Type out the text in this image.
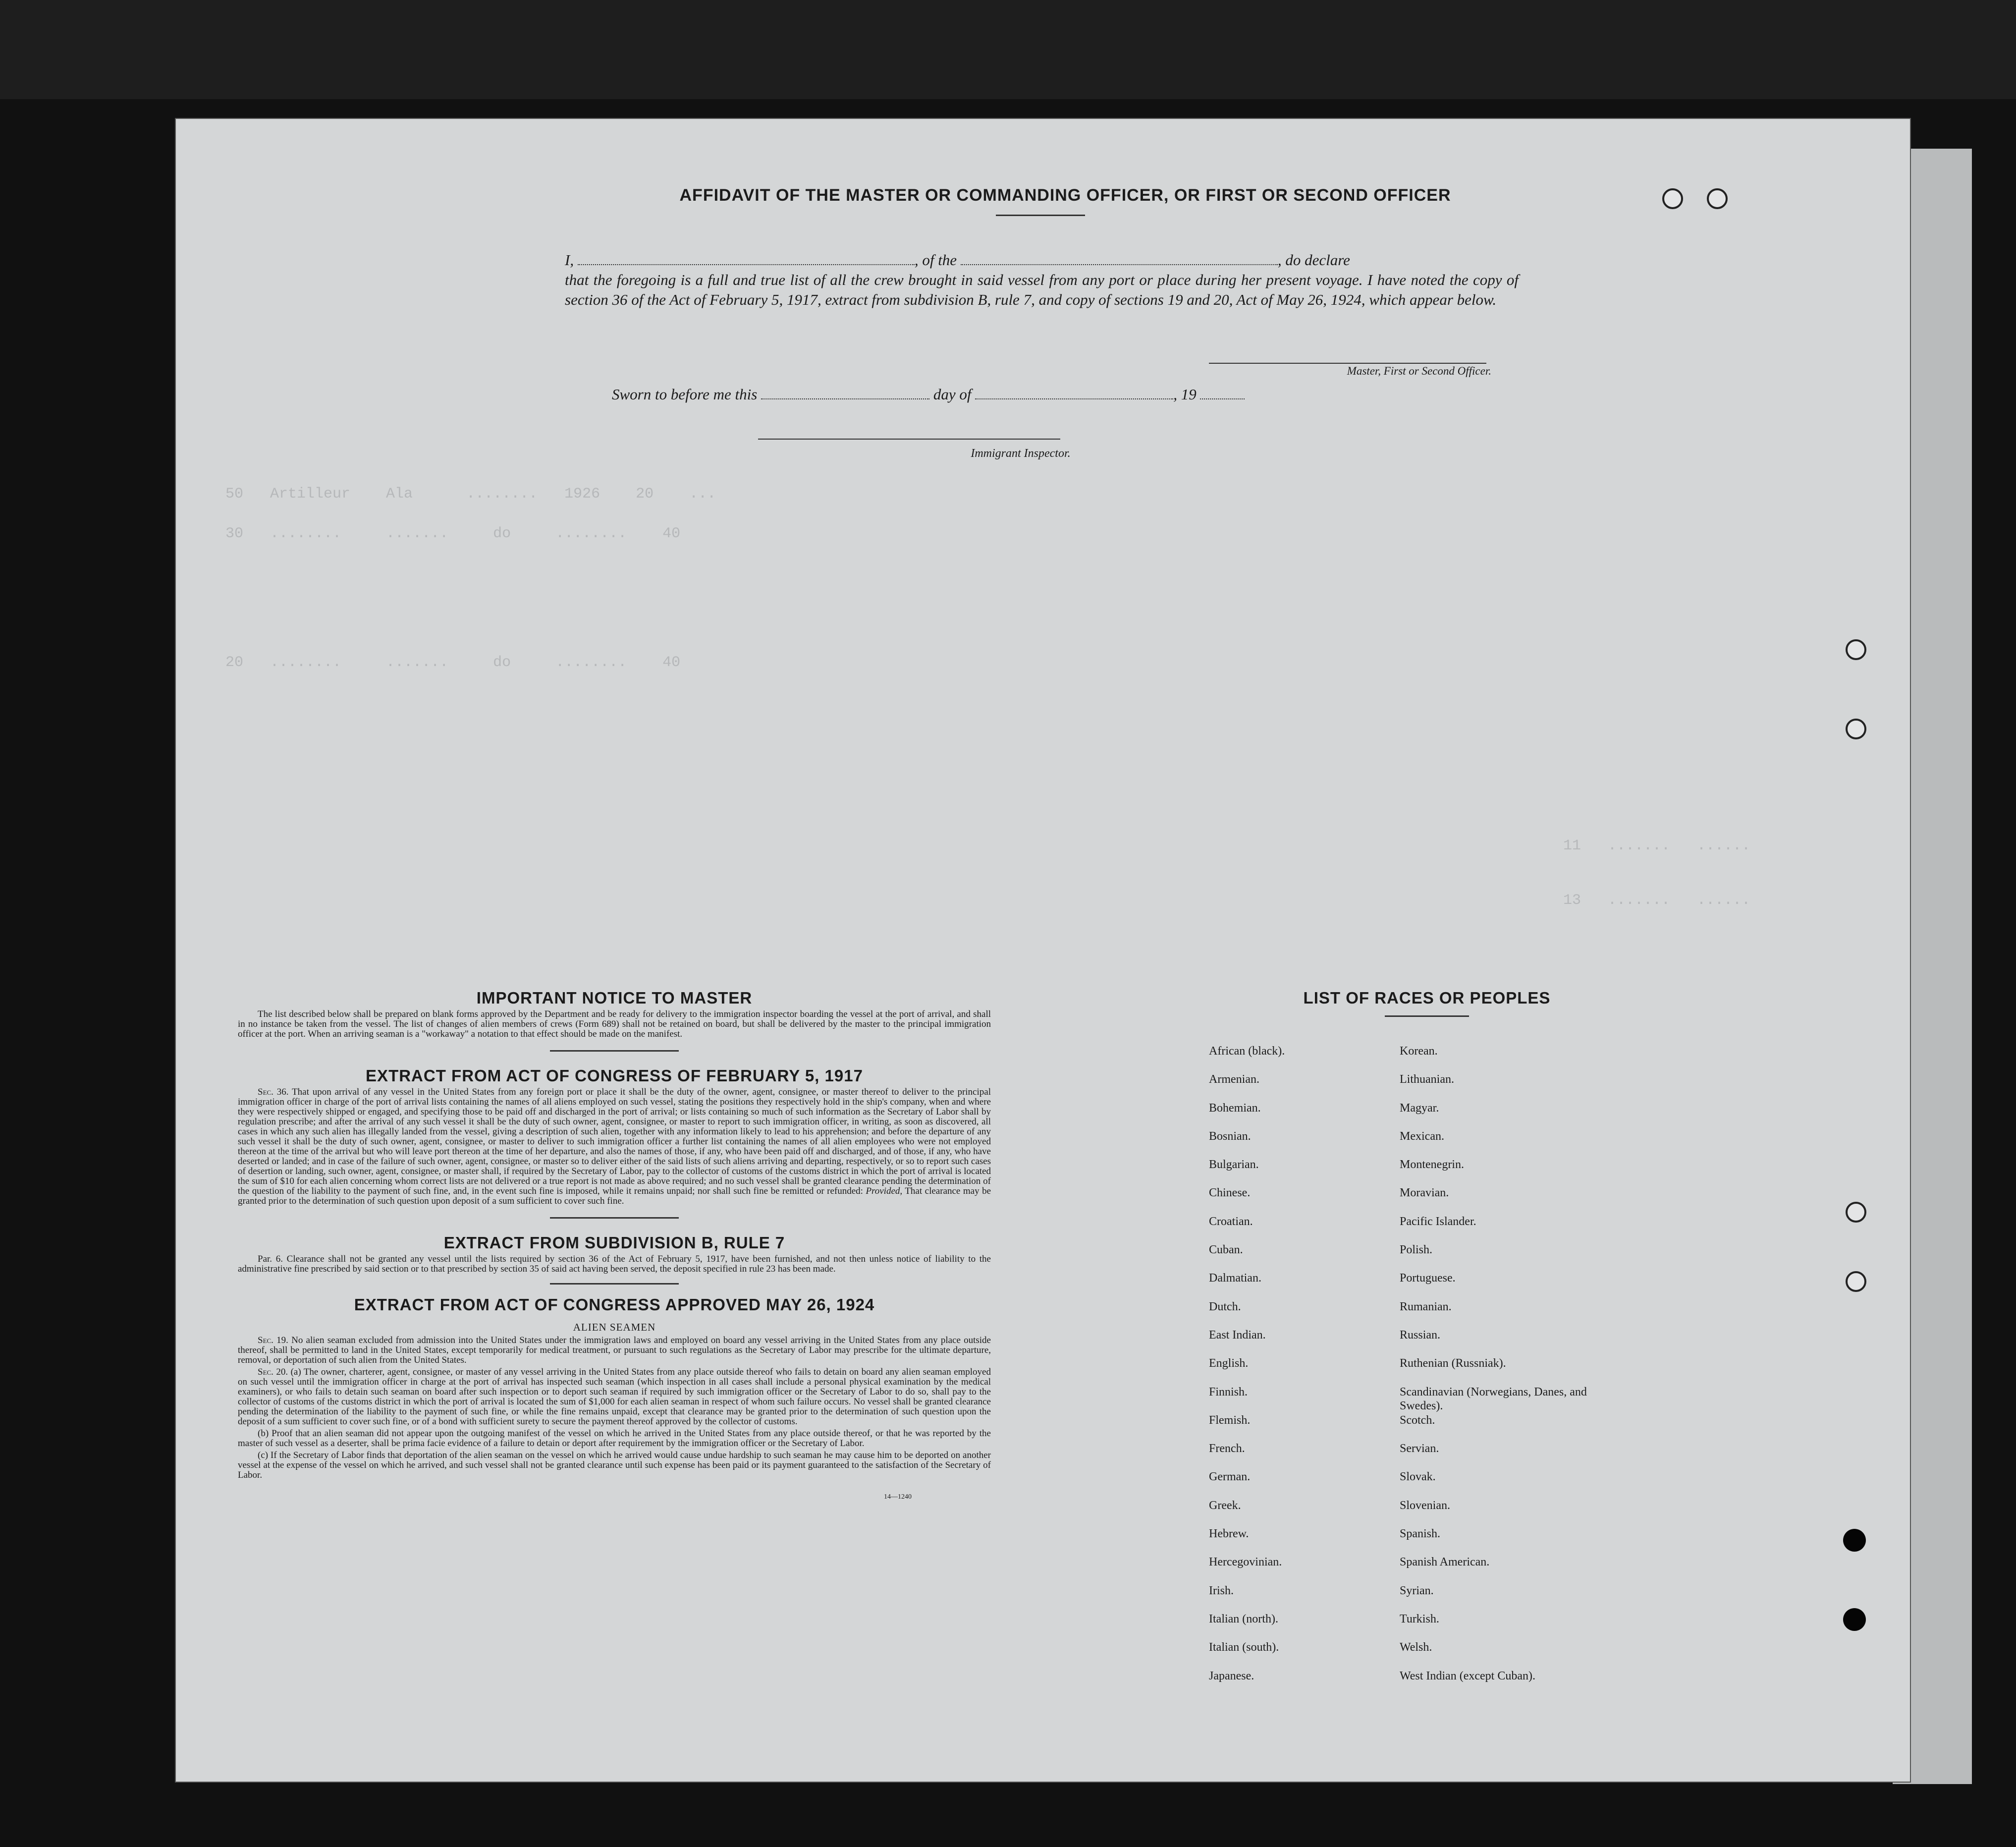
50   Artilleur    Ala      ........   1926    20    ...
30   ........     .......     do     ........    40
20   ........     .......     do     ........    40
11   .......   ......
13   .......   ......
AFFIDAVIT OF THE MASTER OR COMMANDING OFFICER, OR FIRST OR SECOND OFFICER
I,	, of the	, do declare
that the foregoing is a full and true list of all the crew brought in said vessel from any port or place during her present voyage. I have noted the copy of section 36 of the Act of February 5, 1917, extract from subdivision B, rule 7, and copy of sections 19 and 20, Act of May 26, 1924, which appear below.
Master, First or Second Officer.
Sworn to before me this	day of	, 19
Immigrant Inspector.
IMPORTANT NOTICE TO MASTER

The list described below shall be prepared on blank forms approved by the Department and be ready for delivery to the immigration inspector boarding the vessel at the port of arrival, and shall in no instance be taken from the vessel. The list of changes of alien members of crews (Form 689) shall not be retained on board, but shall be delivered by the master to the principal immigration officer at the port. When an arriving seaman is a "workaway" a notation to that effect should be made on the manifest.

EXTRACT FROM ACT OF CONGRESS OF FEBRUARY 5, 1917

Sec. 36. That upon arrival of any vessel in the United States from any foreign port or place it shall be the duty of the owner, agent, consignee, or master thereof to deliver to the principal immigration officer in charge of the port of arrival lists containing the names of all aliens employed on such vessel, stating the positions they respectively hold in the ship's company, when and where they were respectively shipped or engaged, and specifying those to be paid off and discharged in the port of arrival; or lists containing so much of such information as the Secretary of Labor shall by regulation prescribe; and after the arrival of any such vessel it shall be the duty of such owner, agent, consignee, or master to report to such immigration officer, in writing, as soon as discovered, all cases in which any such alien has illegally landed from the vessel, giving a description of such alien, together with any information likely to lead to his apprehension; and before the departure of any such vessel it shall be the duty of such owner, agent, consignee, or master to deliver to such immigration officer a further list containing the names of all alien employees who were not employed thereon at the time of the arrival but who will leave port thereon at the time of her departure, and also the names of those, if any, who have been paid off and discharged, and of those, if any, who have deserted or landed; and in case of the failure of such owner, agent, consignee, or master so to deliver either of the said lists of such aliens arriving and departing, respectively, or so to report such cases of desertion or landing, such owner, agent, consignee, or master shall, if required by the Secretary of Labor, pay to the collector of customs of the customs district in which the port of arrival is located the sum of $10 for each alien concerning whom correct lists are not delivered or a true report is not made as above required; and no such vessel shall be granted clearance pending the determination of the question of the liability to the payment of such fine, and, in the event such fine is imposed, while it remains unpaid; nor shall such fine be remitted or refunded: Provided, That clearance may be granted prior to the determination of such question upon deposit of a sum sufficient to cover such fine.

EXTRACT FROM SUBDIVISION B, RULE 7

Par. 6. Clearance shall not be granted any vessel until the lists required by section 36 of the Act of February 5, 1917, have been furnished, and not then unless notice of liability to the administrative fine prescribed by said section or to that prescribed by section 35 of said act having been served, the deposit specified in rule 23 has been made.

EXTRACT FROM ACT OF CONGRESS APPROVED MAY 26, 1924
ALIEN SEAMEN

Sec. 19. No alien seaman excluded from admission into the United States under the immigration laws and employed on board any vessel arriving in the United States from any place outside thereof, shall be permitted to land in the United States, except temporarily for medical treatment, or pursuant to such regulations as the Secretary of Labor may prescribe for the ultimate departure, removal, or deportation of such alien from the United States.

Sec. 20. (a) The owner, charterer, agent, consignee, or master of any vessel arriving in the United States from any place outside thereof who fails to detain on board any alien seaman employed on such vessel until the immigration officer in charge at the port of arrival has inspected such seaman (which inspection in all cases shall include a personal physical examination by the medical examiners), or who fails to detain such seaman on board after such inspection or to deport such seaman if required by such immigration officer or the Secretary of Labor to do so, shall pay to the collector of customs of the customs district in which the port of arrival is located the sum of $1,000 for each alien seaman in respect of whom such failure occurs. No vessel shall be granted clearance pending the determination of the liability to the payment of such fine, or while the fine remains unpaid, except that clearance may be granted prior to the determination of such question upon the deposit of a sum sufficient to cover such fine, or of a bond with sufficient surety to secure the payment thereof approved by the collector of customs.

(b) Proof that an alien seaman did not appear upon the outgoing manifest of the vessel on which he arrived in the United States from any place outside thereof, or that he was reported by the master of such vessel as a deserter, shall be prima facie evidence of a failure to detain or deport after requirement by the immigration officer or the Secretary of Labor.

(c) If the Secretary of Labor finds that deportation of the alien seaman on the vessel on which he arrived would cause undue hardship to such seaman he may cause him to be deported on another vessel at the expense of the vessel on which he arrived, and such vessel shall not be granted clearance until such expense has been paid or its payment guaranteed to the satisfaction of the Secretary of Labor.

14—1240
LIST OF RACES OR PEOPLES
African (black).	Korean.
Armenian.	Lithuanian.
Bohemian.	Magyar.
Bosnian.	Mexican.
Bulgarian.	Montenegrin.
Chinese.	Moravian.
Croatian.	Pacific Islander.
Cuban.	Polish.
Dalmatian.	Portuguese.
Dutch.	Rumanian.
East Indian.	Russian.
English.	Ruthenian (Russniak).
Finnish.	Scandinavian (Norwegians, Danes, and Swedes).
Flemish.	Scotch.
French.	Servian.
German.	Slovak.
Greek.	Slovenian.
Hebrew.	Spanish.
Hercegovinian.	Spanish American.
Irish.	Syrian.
Italian (north).	Turkish.
Italian (south).	Welsh.
Japanese.	West Indian (except Cuban).
